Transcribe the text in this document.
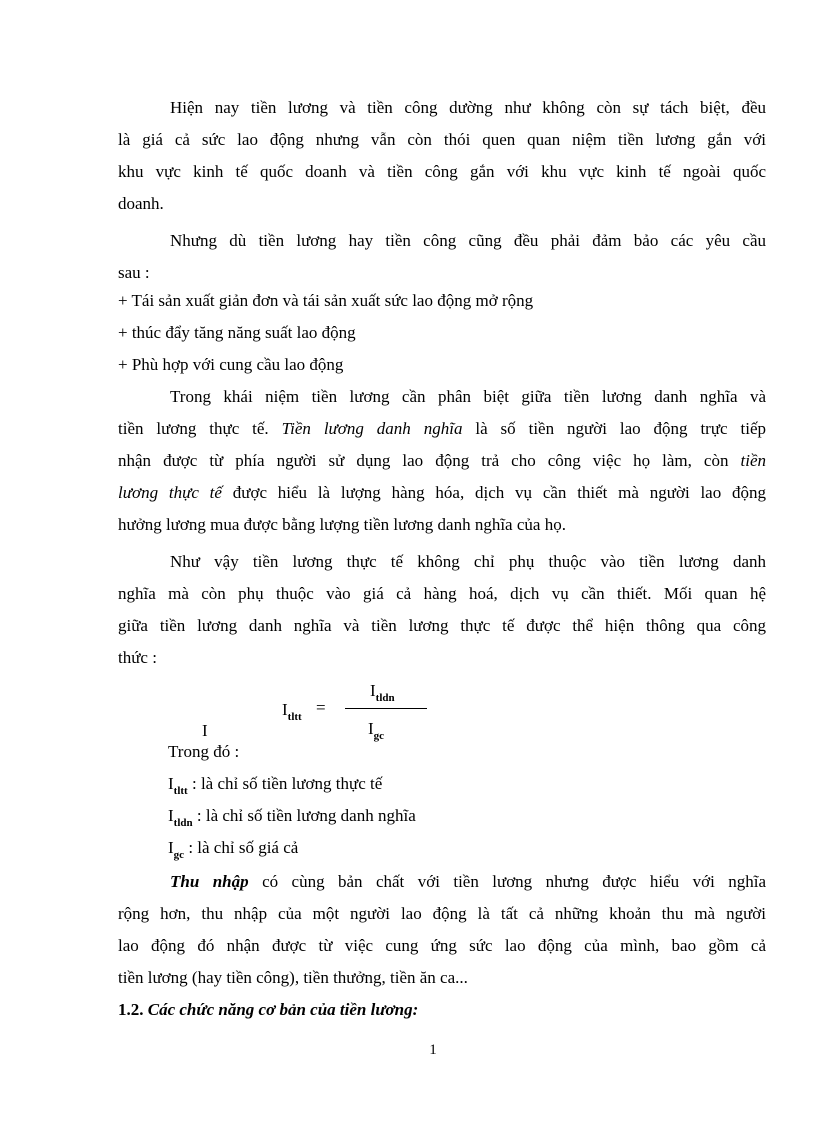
Hiện nay tiền lương và tiền công dường như không còn sự tách biệt, đều
là giá cả sức lao động nhưng vẫn còn thói quen quan niệm tiền lương gắn với
khu vực kinh tế quốc doanh và tiền công gắn với khu vực kinh tế ngoài quốc
doanh.
Nhưng dù tiền lương hay tiền công cũng đều phải đảm bảo các yêu cầu
sau :
+ Tái sản xuất giản đơn và tái sản xuất sức lao động mở rộng
+ thúc đẩy tăng năng suất lao động
+ Phù hợp với cung cầu lao động
Trong khái niệm tiền lương cần phân biệt giữa tiền lương danh nghĩa và
tiền lương thực tế. Tiền lương danh nghĩa là số tiền người lao động trực tiếp
nhận được từ phía người sử dụng lao động trả cho công việc họ làm, còn tiền
lương thực tế được hiểu là lượng hàng hóa, dịch vụ cần thiết mà người lao động
hưởng lương mua được bằng lượng tiền lương danh nghĩa của họ.
Như vậy tiền lương thực tế không chỉ phụ thuộc vào tiền lương danh
nghĩa mà còn phụ thuộc vào giá cả hàng hoá, dịch vụ cần thiết. Mối quan hệ
giữa tiền lương danh nghĩa và tiền lương thực tế được thể hiện thông qua công
thức :
I
$I_{tltt}$ =
$I_{tldn}$
$I_{gc}$
Trong đó :
$I_{tltt}$ : là chỉ số tiền lương thực tế
$I_{tldn}$ : là chỉ số tiền lương danh nghĩa
$I_{gc}$ : là chỉ số giá cả
Thu nhập có cùng bản chất với tiền lương nhưng được hiểu với nghĩa
rộng hơn, thu nhập của một người lao động là tất cả những khoản thu mà người
lao động đó nhận được từ việc cung ứng sức lao động của mình, bao gồm cả
tiền lương (hay tiền công), tiền thưởng, tiền ăn ca...
1.2. Các chức năng cơ bản của tiền lương:
1
